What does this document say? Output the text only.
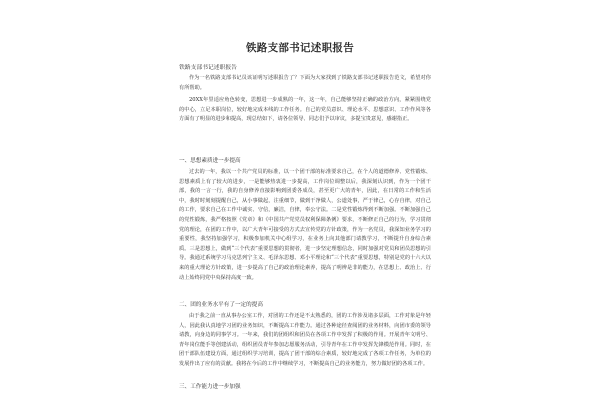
铁路支部书记述职报告
铁路支部书记述职报告

作为一名铁路支部书记员该证明写述职报告了？下面为大家找到了铁路支部书记述职报告范文，希望对你有所帮助。

20XX年里适应角色转变，思想进一步成熟的一年，这一年，自己能够坚持正确的政治方向，紧紧围绕党的中心，立足本职岗位，较好地完成本线的工作任务。自己的党员意识、理论水平、思想意识、工作作风等各方面有了明显的进步和提高，现总结如下，请各位领导、同志们予以审议，多提宝贵意见，感谢指正。

一、思想素质进一步提高

过去的一年，我以一个共产党员的标准，以一个团干部的标准要求自己，在个人的道德修养、党性锻炼、思想素质上有了较大的进步，一是能够热衷进一步提高，工作岗位调整以后，我深刻认识到，作为一个团干部，我的一言一行，我的自身修养直接影响到团委各成员，甚至更广大的青年，因此，在日常的工作和生活中，我时时刻刻提醒自己，从小事做起，注重细节，做到干净做人，公道处事，严于律己，心存自律，对自己的工作，要求自己在工作中诚实、守信，廉洁，自律，奉公守法。二是党性锻炼得到不断加强。不断加强自己的党性锻炼，我严格按照《党章》和《中国共产党党员权利保障条例》要求，不断修正自己的行为，学习贯彻党的理论，在团的工作中，以广大青年可接受的方式去宣传党的方针政策，作为一名党员，我深知业务学习的重要性，我坚持加强学习，积极参加机关中心组学习，在业务上向其他部门请教学习，不断提升自身综合素质。三是思想上，做到“三个代表”重要思想的贯彻者，进一步坚定理想信念，同时加强对党员和团员思想的引导。我通过系统学习马克思列宁主义、毛泽东思想、邓小平理论和“三个代表”重要思想，特别是党的十六大以来的重大理论方针政策，进一步提高了自己的政治理论素养，提高了明辨是非的能力，在思想上、政治上、行动上始终同党中央保持高度一致。

二、团的业务水平有了一定的提高

由于我之前一直从事办公室工作，对团的工作还是不太熟悉的，团的工作涉及诸多层面，工作对象是年轻人，因此我认真地学习团的业务知识，不断提高工作能力。通过各种途径查阅团的业务材料，向团市委的领导请教，向身边的同事学习。一年来，我们的团组织和团员在各项工作中发挥了积极的作用。开展青年文明号、青年岗位能手等创建活动，组织团员青年参加志愿服务活动，引导青年在工作中发挥先锋模范作用。同时，在团干部队伍建设方面，通过组织学习培训，提高了团干部的综合素质，较好地完成了各项工作任务，为单位的发展作出了应有的贡献。我将在今后的工作中继续学习，不断提高自己的业务能力，努力做好团的各项工作。

三、工作能力进一步加强
